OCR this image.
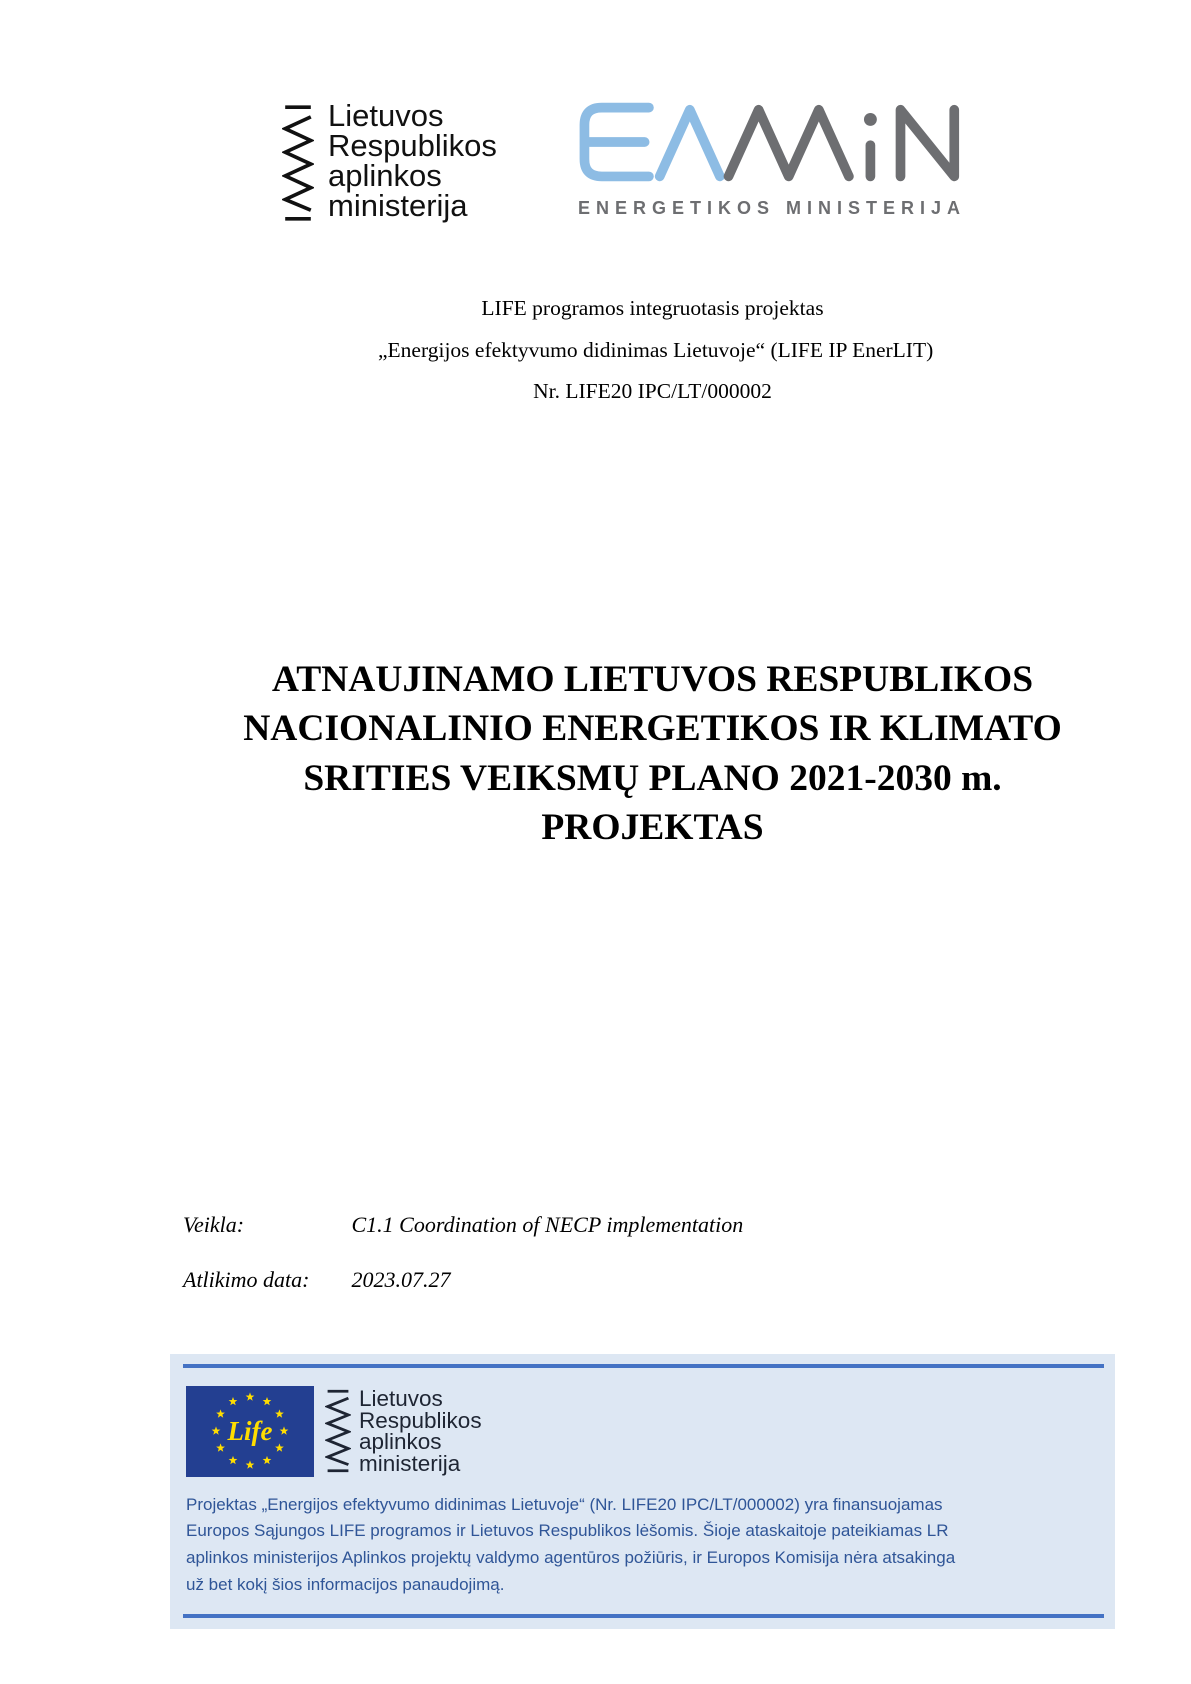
Lietuvos
Respublikos
aplinkos
ministerija	ENERGETIKOS MINISTERIJA
LIFE programos integruotasis projektas
„Energijos efektyvumo didinimas Lietuvoje“ (LIFE IP EnerLIT)
Nr. LIFE20 IPC/LT/000002
ATNAUJINAMO LIETUVOS RESPUBLIKOS
NACIONALINIO ENERGETIKOS IR KLIMATO
SRITIES VEIKSMŲ PLANO 2021-2030 m.
PROJEKTAS
Veikla:	C1.1 Coordination of NECP implementation
Atlikimo data: 2023.07.27
Life
Lietuvos
Respublikos
aplinkos
ministerija
Projektas „Energijos efektyvumo didinimas Lietuvoje“ (Nr. LIFE20 IPC/LT/000002) yra finansuojamas
Europos Sąjungos LIFE programos ir Lietuvos Respublikos lėšomis. Šioje ataskaitoje pateikiamas LR
aplinkos ministerijos Aplinkos projektų valdymo agentūros požiūris, ir Europos Komisija nėra atsakinga
už bet kokį šios informacijos panaudojimą.
